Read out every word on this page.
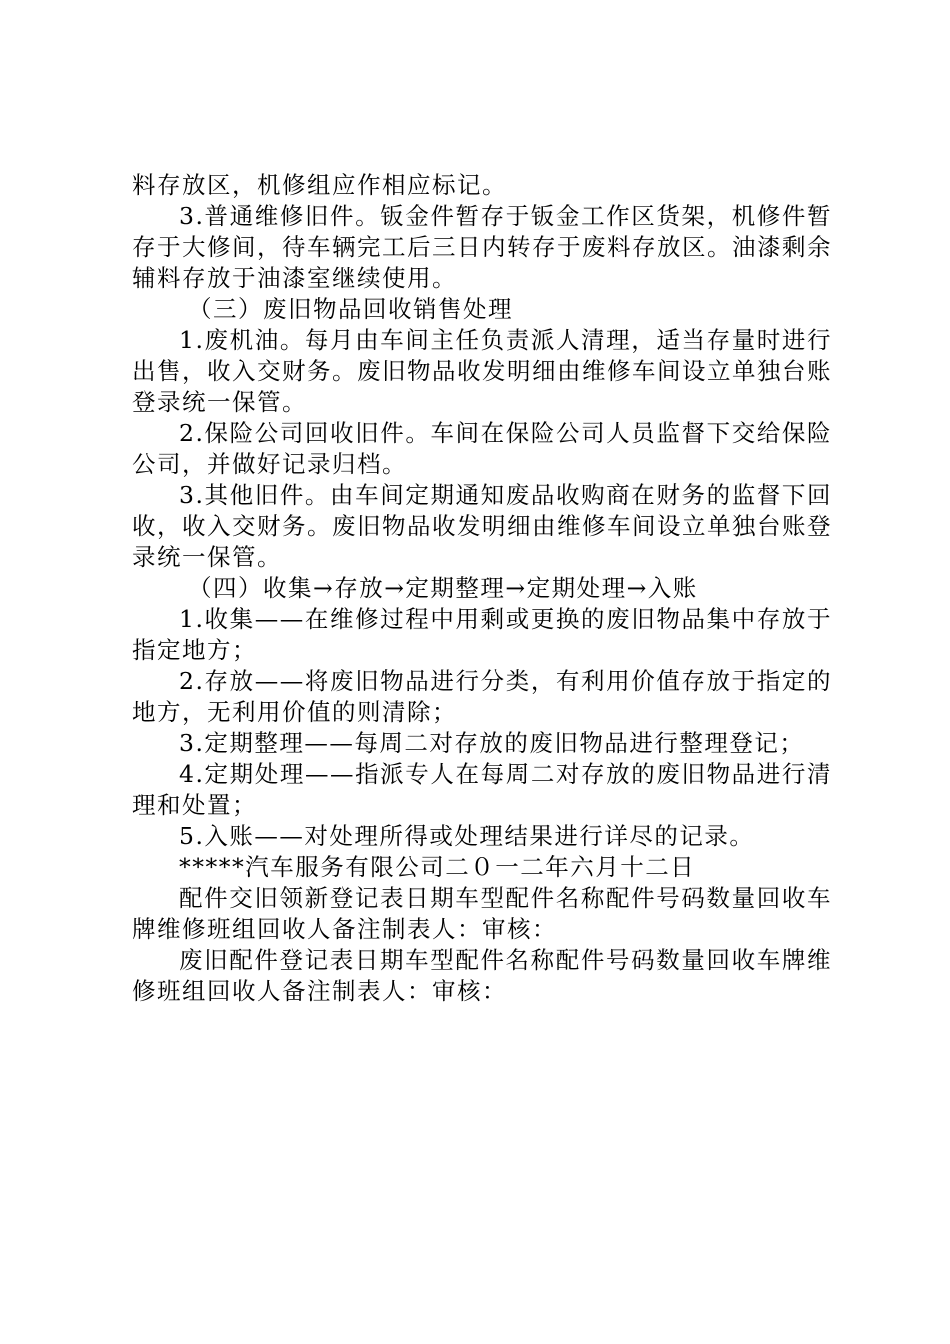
料存放区，机修组应作相应标记。

3.普通维修旧件。钣金件暂存于钣金工作区货架，机修件暂存于大修间，待车辆完工后三日内转存于废料存放区。油漆剩余辅料存放于油漆室继续使用。

（三）废旧物品回收销售处理

1.废机油。每月由车间主任负责派人清理，适当存量时进行出售，收入交财务。废旧物品收发明细由维修车间设立单独台账登录统一保管。

2.保险公司回收旧件。车间在保险公司人员监督下交给保险公司，并做好记录归档。

3.其他旧件。由车间定期通知废品收购商在财务的监督下回收，收入交财务。废旧物品收发明细由维修车间设立单独台账登录统一保管。

（四）收集→存放→定期整理→定期处理→入账

1.收集——在维修过程中用剩或更换的废旧物品集中存放于指定地方；

2.存放——将废旧物品进行分类，有利用价值存放于指定的地方，无利用价值的则清除；

3.定期整理——每周二对存放的废旧物品进行整理登记；

4.定期处理——指派专人在每周二对存放的废旧物品进行清理和处置；

5.入账——对处理所得或处理结果进行详尽的记录。

*****汽车服务有限公司二０一二年六月十二日

配件交旧领新登记表日期车型配件名称配件号码数量回收车牌维修班组回收人备注制表人：审核：

废旧配件登记表日期车型配件名称配件号码数量回收车牌维修班组回收人备注制表人：审核：
